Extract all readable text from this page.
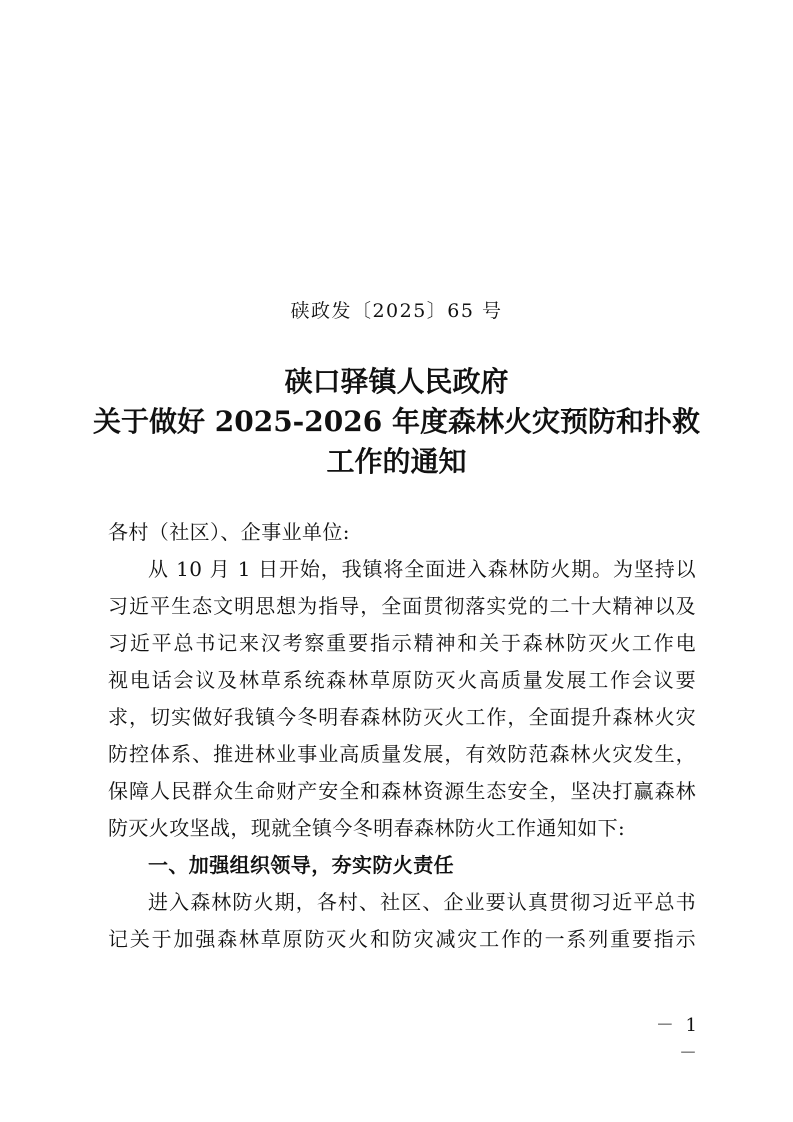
硖政发〔2025〕65 号
硖口驿镇人民政府
关于做好 2025-2026 年度森林火灾预防和扑救
工作的通知
各村（社区）、企事业单位:
从 10 月 1 日开始，我镇将全面进入森林防火期。为坚持以
习近平生态文明思想为指导，全面贯彻落实党的二十大精神以及
习近平总书记来汉考察重要指示精神和关于森林防灭火工作电
视电话会议及林草系统森林草原防灭火高质量发展工作会议要
求，切实做好我镇今冬明春森林防灭火工作，全面提升森林火灾
防控体系、推进林业事业高质量发展，有效防范森林火灾发生，
保障人民群众生命财产安全和森林资源生态安全，坚决打赢森林
防灭火攻坚战，现就全镇今冬明春森林防火工作通知如下:
一、加强组织领导，夯实防火责任
进入森林防火期，各村、社区、企业要认真贯彻习近平总书
记关于加强森林草原防灭火和防灾减灾工作的一系列重要指示
－ 1 －
